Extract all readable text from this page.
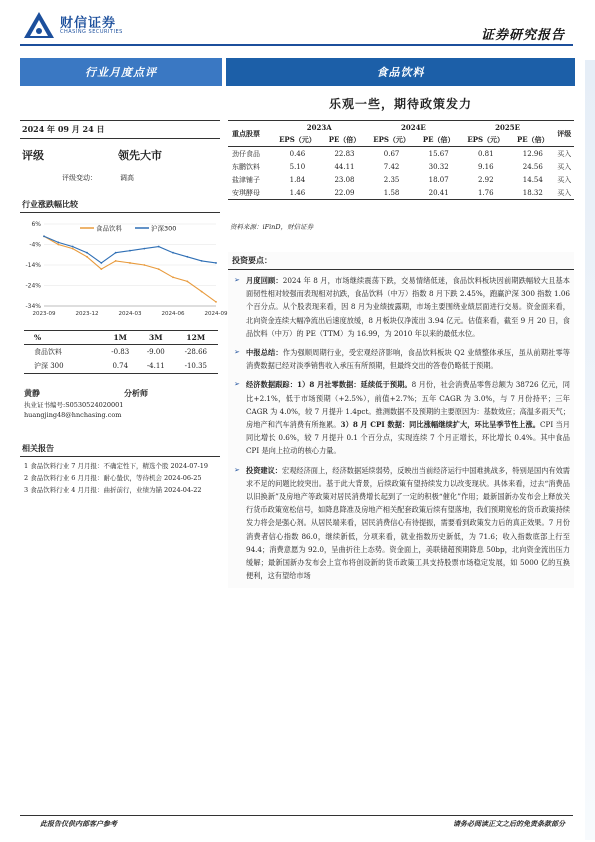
财信证券
CHASING SECURITIES	证券研究报告
行业月度点评	食品饮料
乐观一些，期待政策发力
2024 年 09 月 24 日
评级	领先大市
评级变动：	调高
行业涨跌幅比较
6%
-4%
-14%
-24%
-34%
2023-09	2023-12	2024-03	2024-06	2024-09
食品饮料	沪深300
%	1M	3M	12M
食品饮料	-0.83	-9.00	-28.66
沪深 300	0.74	-4.11	-10.35
黄静	分析师
执业证书编号:S0530524020001
huangjing48@hnchasing.com
相关报告
1 食品饮料行业 7 月月报：不确定性下，精选个股 2024-07-19
2 食品饮料行业 6 月月报：耐心蛰伏，等待机会 2024-06-25
3 食品饮料行业 4 月月报：曲折前行，业绩为锚 2024-04-22
重点股票	2023A		2024E		2025E		评级
	EPS（元）	PE（倍）	EPS（元）	PE（倍）	EPS（元）	PE（倍）	
劲仔食品	0.46	22.83	0.67	15.67	0.81	12.96	买入
东鹏饮料	5.10	44.11	7.42	30.32	9.16	24.56	买入
盐津铺子	1.84	23.08	2.35	18.07	2.92	14.54	买入
安琪酵母	1.46	22.09	1.58	20.41	1.76	18.32	买入
资料来源：iFinD，财信证券
投资要点：
➢ 月度回顾：2024 年 8 月，市场继续震荡下跌，交易情绪低迷，食品饮料板块因前期跌幅较大且基本面韧性相对较强而表现相对抗跌，食品饮料（中万）指数 8 月下跌 2.45%，跑赢沪深 300 指数 1.06 个百分点。从个股表现来看，因 8 月为业绩披露期，市场主要围绕业绩层面进行交易。资金面来看，北向资金连续大幅净流出后速度放缓，8 月板块仅净流出 3.94 亿元。估值来看，截至 9 月 20 日，食品饮料（中万）的 PE（TTM）为 16.99，为 2010 年以来的最低水位。
➢ 中报总结：作为强顺周期行业，受宏观经济影响，食品饮料板块 Q2 业绩整体承压，虽从前期社零等消费数据已经对淡季销售收入承压有所预期，但最终交出的答卷仍略低于预期。
➢ 经济数据跟踪：1）8 月社零数据：延续低于预期。8 月份，社会消费品零售总额为 38726 亿元，同比+2.1%，低于市场预期（+2.5%），前值+2.7%；五年 CAGR 为 3.0%，与 7 月份持平；三年 CAGR 为 4.0%，较 7 月提升 1.4pct。推测数据不及预期的主要原因为：基数效应；高温多雨天气；房地产和汽车消费有所拖累。3）8 月 CPI 数据：同比涨幅继续扩大，环比呈季节性上涨。CPI 当月同比增长 0.6%，较 7 月提升 0.1 个百分点，实现连续 7 个月正增长，环比增长 0.4%。其中食品 CPI 是向上拉动的核心力量。
➢ 投资建议：宏观经济面上，经济数据延续弱势，反映出当前经济运行中国难挑战多，特别是国内有效需求不足的问题比较突出。基于此大背景，后续政策有望持续发力以改变现状。具体来看，过去“消费品以旧换新”及房地产等政策对居民消费增长起到了一定的积极“催化”作用；最新国新办发布会上释放关行货币政策宽松信号，如降息降准及房地产相关配套政策后续有望落地，我们预期宽松的货币政策持续发力将会是强心剂。从居民端来看，居民消费信心有待提振，需要看到政策发力后的真正效果。7 月份消费者信心指数 86.0，继续新低，分项来看，就业指数历史新低，为 71.6；收入指数底部上行至 94.4；消费意愿为 92.0，呈曲折往上态势。资金面上，美联储超预期降息 50bp，北向资金流出压力缓解；最新国新办发布会上宣布将创设新的货币政策工具支持股票市场稳定发展，如 5000 亿的互换便利，这有望给市场
此报告仅供内部客户参考	请务必阅读正文之后的免责条款部分
